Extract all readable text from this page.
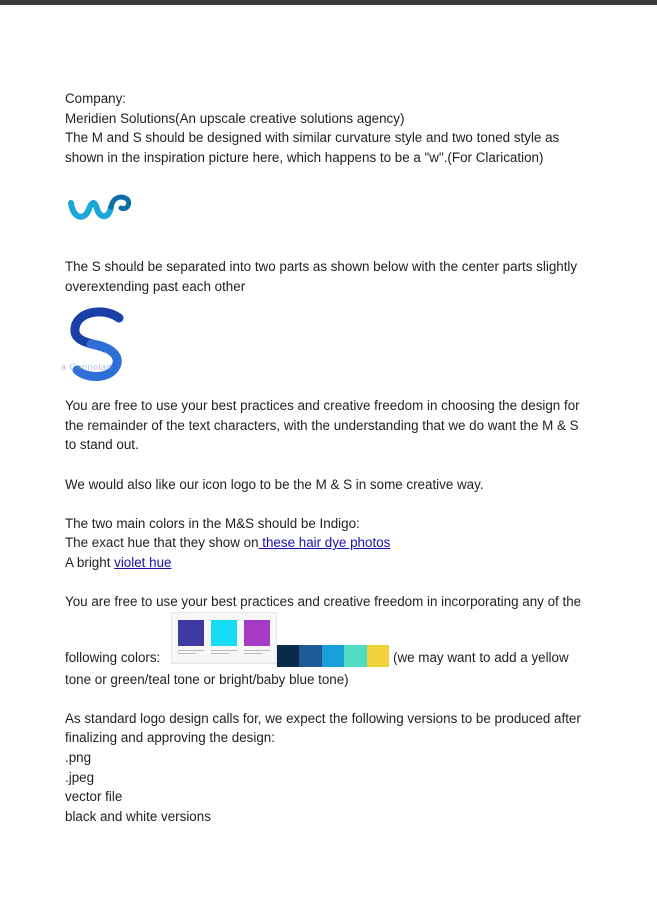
Company:
Meridien Solutions(An upscale creative solutions agency)
The M and S should be designed with similar curvature style and two toned style as
shown in the inspiration picture here, which happens to be a "w".(For Clarication)
The S should be separated into two parts as shown below with the center parts slightly
overextending past each other
a Cannolad
You are free to use your best practices and creative freedom in choosing the design for
the remainder of the text characters, with the understanding that we do want the M & S
to stand out.
We would also like our icon logo to be the M & S in some creative way.
The two main colors in the M&S should be Indigo:
The exact hue that they show on these hair dye photos
A bright violet hue
You are free to use your best practices and creative freedom in incorporating any of the
following colors:	(we may want to add a yellow
tone or green/teal tone or bright/baby blue tone)
As standard logo design calls for, we expect the following versions to be produced after
finalizing and approving the design:
.png
.jpeg
vector file
black and white versions
